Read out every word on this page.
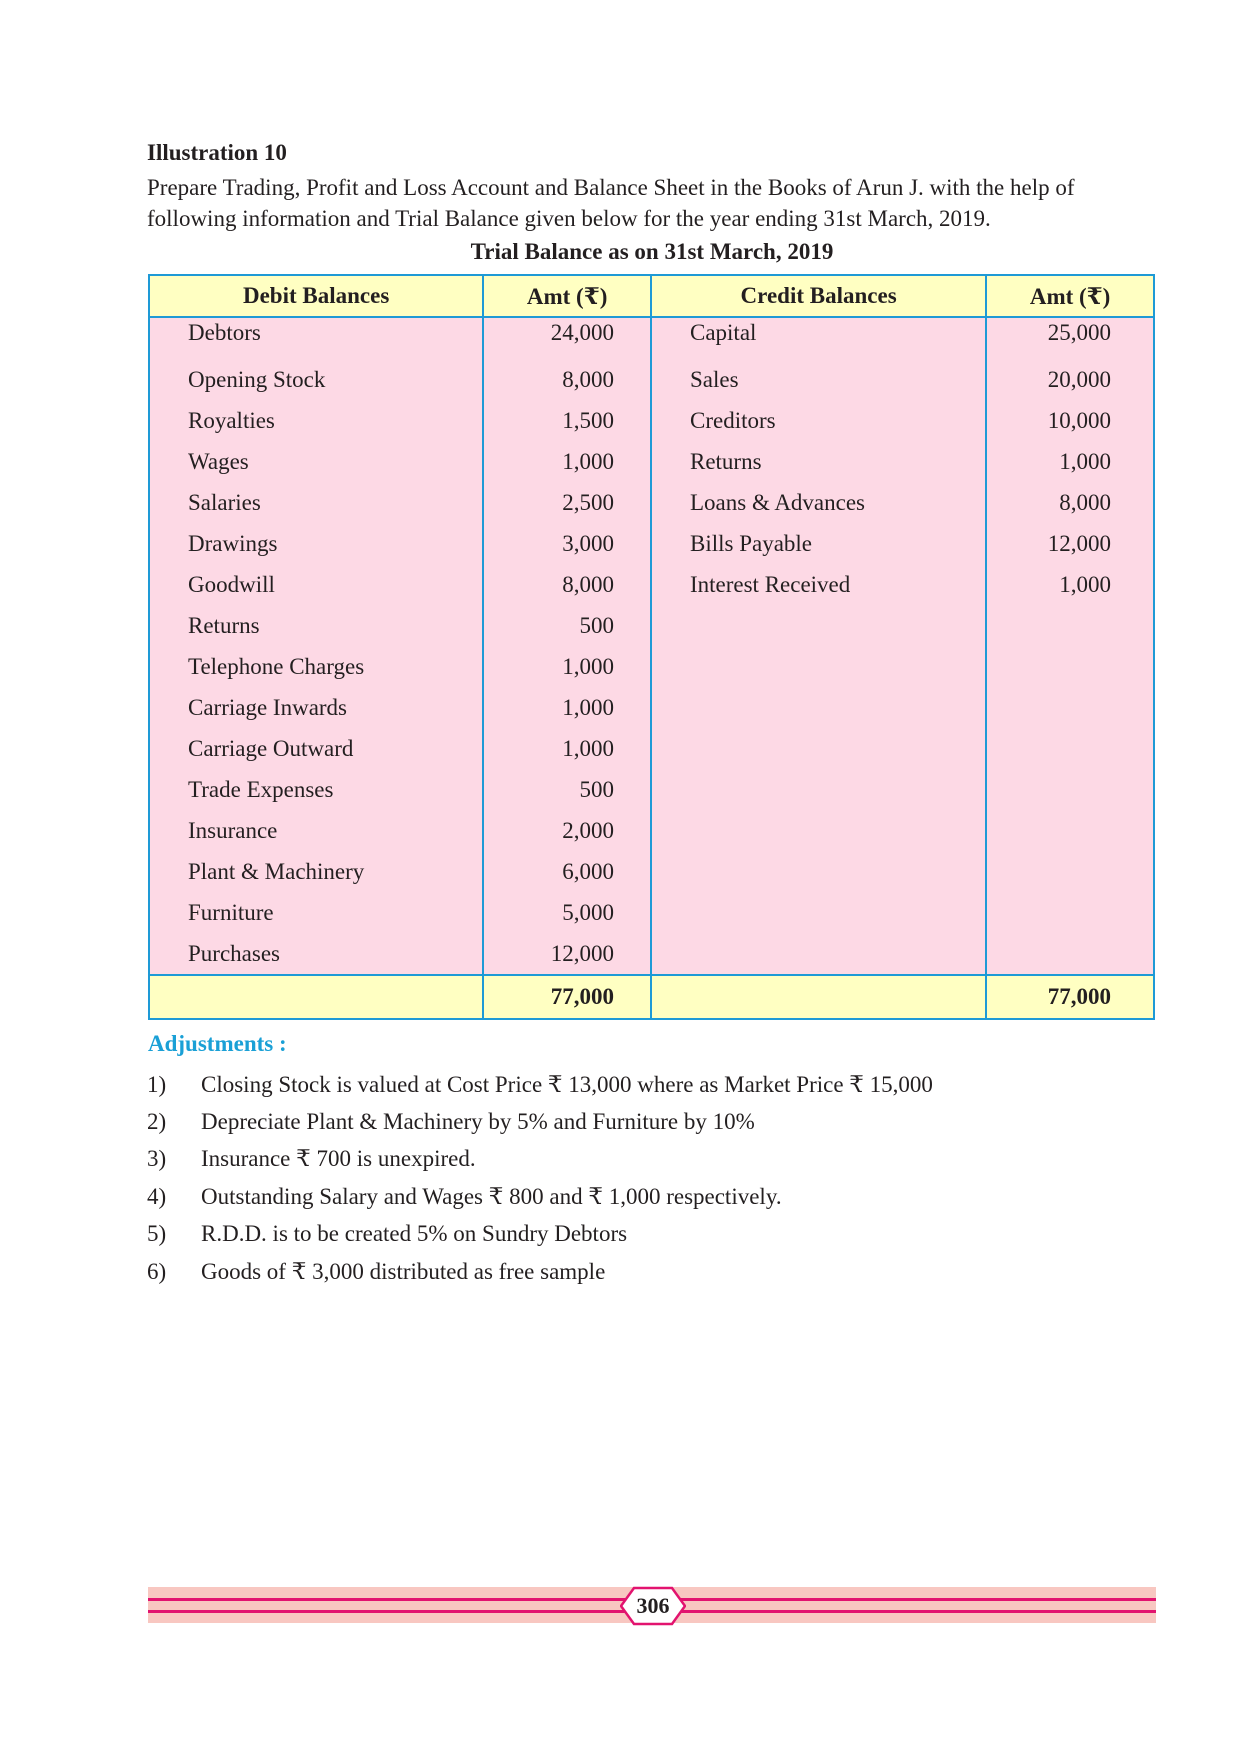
Illustration 10

Prepare Trading, Profit and Loss Account and Balance Sheet in the Books of Arun J. with the help of
following information and Trial Balance given below for the year ending 31st March, 2019.

Trial Balance as on 31st March, 2019
Debit Balances	Amt (₹)	Credit Balances	Amt (₹)
Debtors	24,000	Capital	25,000
Opening Stock	8,000	Sales	20,000
Royalties	1,500	Creditors	10,000
Wages	1,000	Returns	1,000
Salaries	2,500	Loans & Advances	8,000
Drawings	3,000	Bills Payable	12,000
Goodwill	8,000	Interest Received	1,000
Returns	500		
Telephone Charges	1,000		
Carriage Inwards	1,000		
Carriage Outward	1,000		
Trade Expenses	500		
Insurance	2,000		
Plant & Machinery	6,000		
Furniture	5,000		
Purchases	12,000		
	77,000		77,000
Adjustments :
1)	Closing Stock is valued at Cost Price ₹ 13,000 where as Market Price ₹ 15,000
2)	Depreciate Plant & Machinery by 5% and Furniture by 10%
3)	Insurance ₹ 700 is unexpired.
4)	Outstanding Salary and Wages ₹ 800 and ₹ 1,000 respectively.
5)	R.D.D. is to be created 5% on Sundry Debtors
6)	Goods of ₹ 3,000 distributed as free sample
306
